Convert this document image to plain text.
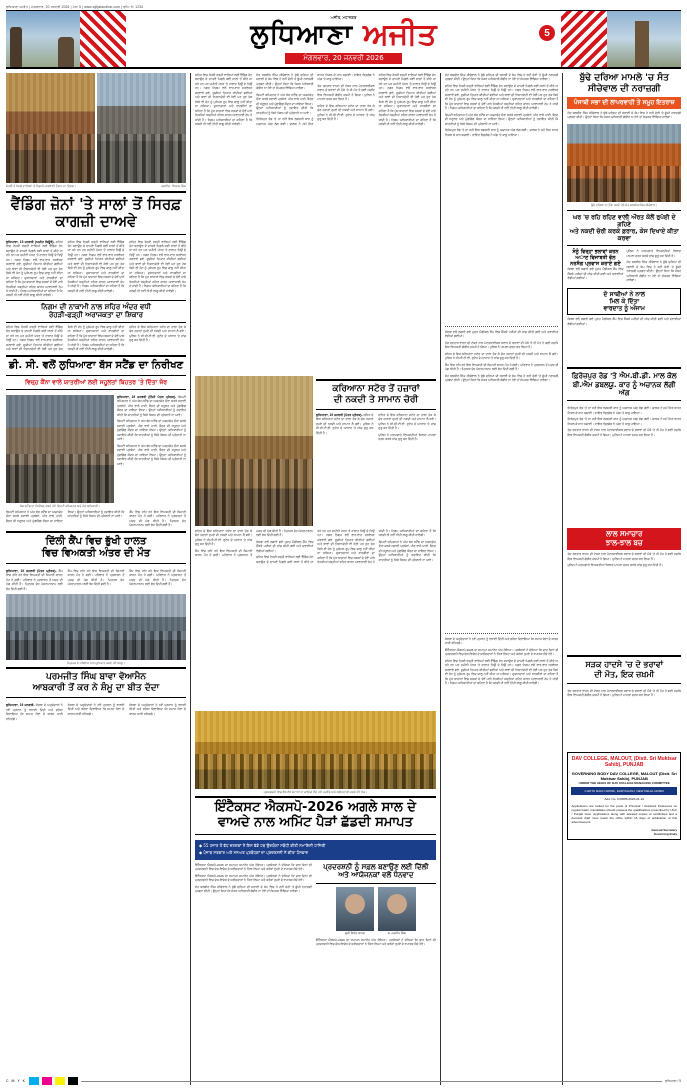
ਲੁਧਿਆਣਾ ਅਜੀਤ | ਮੰਗਲਵਾਰ, 20 ਜਨਵਰੀ 2026 | ਪੰਨਾ 5 | www.ajitjalandhar.com | ਰਜਿ: ਨੰ: 1234
ਅਜੀਤ, ਮਹਾਨਗਰ
ਲੁਧਿਆਣਾ ਅਜੀਤ
ਮੰਗਲਵਾਰ, 20 ਜਨਵਰੀ 2026
5
ਰੇਹੜੀ ਤੇ ਖੋਮਚੇ ਵਾਲਿਆਂ 'ਤੇ ਨਿਗਮੀ ਕਾਰਵਾਈ ਦੌਰਾਨ ਦਾ ਦ੍ਰਿਸ਼।	ਤਸਵੀਰ : ਵਿਕਾਸ ਸਿੰਘ
ਵੈਂਡਿੰਗ ਜ਼ੋਨਾਂ 'ਤੇ ਸਾਲਾਂ ਤੋਂ ਸਿਰਫ਼ ਕਾਗਜ਼ੀ ਦਾਅਵੇ

ਲੁਧਿਆਣਾ, 19 ਜਨਵਰੀ (ਅਜੀਤ ਬਿਊਰੋ)- ਸ਼ਹਿਰ ਵਿਚ ਰੇਹੜੀ ਫੜ੍ਹੀ ਵਾਲਿਆਂ ਲਈ ਵੈਂਡਿੰਗ ਜ਼ੋਨ ਬਣਾਉਣ ਦੇ ਦਾਅਵੇ ਪਿਛਲੇ ਕਈ ਸਾਲਾਂ ਤੋਂ ਕੀਤੇ ਜਾ ਰਹੇ ਹਨ ਪਰ ਜ਼ਮੀਨੀ ਪੱਧਰ 'ਤੇ ਹਾਲਾਤ ਜਿਉਂ ਦੇ ਤਿਉਂ ਹਨ। ਨਗਰ ਨਿਗਮ ਵਲੋਂ ਵਾਰ-ਵਾਰ ਸਰਵੇਖਣ ਕਰਵਾਏ ਗਏ, ਸੂਚੀਆਂ ਤਿਆਰ ਕੀਤੀਆਂ ਗਈਆਂ ਅਤੇ ਥਾਵਾਂ ਦੀ ਨਿਸ਼ਾਨਦੇਹੀ ਵੀ ਹੋਈ ਪਰ ਹੁਣ ਤੱਕ ਕਿਸੇ ਵੀ ਜ਼ੋਨ ਨੂੰ ਮੁਕੰਮਲ ਰੂਪ ਵਿਚ ਚਾਲੂ ਨਹੀਂ ਕੀਤਾ ਜਾ ਸਕਿਆ। ਦੁਕਾਨਦਾਰਾਂ ਅਤੇ ਰਾਹਗੀਰਾਂ ਦਾ ਕਹਿਣਾ ਹੈ ਕਿ ਮੁੱਖ ਬਾਜ਼ਾਰਾਂ ਵਿਚ ਸੜਕਾਂ ਦੇ ਦੋਵੇਂ ਪਾਸੇ ਰੇਹੜੀਆਂ ਖੜ੍ਹੀਆਂ ਰਹਿਣ ਕਾਰਨ ਆਵਾਜਾਈ ਠੱਪ ਹੋ ਜਾਂਦੀ ਹੈ। ਨਿਗਮ ਅਧਿਕਾਰੀਆਂ ਦਾ ਕਹਿਣਾ ਹੈ ਕਿ ਜਲਦੀ ਹੀ ਨਵੀਂ ਨੀਤੀ ਲਾਗੂ ਕੀਤੀ ਜਾਵੇਗੀ।

ਸ਼ਹਿਰ ਵਿਚ ਰੇਹੜੀ ਫੜ੍ਹੀ ਵਾਲਿਆਂ ਲਈ ਵੈਂਡਿੰਗ ਜ਼ੋਨ ਬਣਾਉਣ ਦੇ ਦਾਅਵੇ ਪਿਛਲੇ ਕਈ ਸਾਲਾਂ ਤੋਂ ਕੀਤੇ ਜਾ ਰਹੇ ਹਨ ਪਰ ਜ਼ਮੀਨੀ ਪੱਧਰ 'ਤੇ ਹਾਲਾਤ ਜਿਉਂ ਦੇ ਤਿਉਂ ਹਨ। ਨਗਰ ਨਿਗਮ ਵਲੋਂ ਵਾਰ-ਵਾਰ ਸਰਵੇਖਣ ਕਰਵਾਏ ਗਏ, ਸੂਚੀਆਂ ਤਿਆਰ ਕੀਤੀਆਂ ਗਈਆਂ ਅਤੇ ਥਾਵਾਂ ਦੀ ਨਿਸ਼ਾਨਦੇਹੀ ਵੀ ਹੋਈ ਪਰ ਹੁਣ ਤੱਕ ਕਿਸੇ ਵੀ ਜ਼ੋਨ ਨੂੰ ਮੁਕੰਮਲ ਰੂਪ ਵਿਚ ਚਾਲੂ ਨਹੀਂ ਕੀਤਾ ਜਾ ਸਕਿਆ। ਦੁਕਾਨਦਾਰਾਂ ਅਤੇ ਰਾਹਗੀਰਾਂ ਦਾ ਕਹਿਣਾ ਹੈ ਕਿ ਮੁੱਖ ਬਾਜ਼ਾਰਾਂ ਵਿਚ ਸੜਕਾਂ ਦੇ ਦੋਵੇਂ ਪਾਸੇ ਰੇਹੜੀਆਂ ਖੜ੍ਹੀਆਂ ਰਹਿਣ ਕਾਰਨ ਆਵਾਜਾਈ ਠੱਪ ਹੋ ਜਾਂਦੀ ਹੈ। ਨਿਗਮ ਅਧਿਕਾਰੀਆਂ ਦਾ ਕਹਿਣਾ ਹੈ ਕਿ ਜਲਦੀ ਹੀ ਨਵੀਂ ਨੀਤੀ ਲਾਗੂ ਕੀਤੀ ਜਾਵੇਗੀ।

ਸ਼ਹਿਰ ਵਿਚ ਰੇਹੜੀ ਫੜ੍ਹੀ ਵਾਲਿਆਂ ਲਈ ਵੈਂਡਿੰਗ ਜ਼ੋਨ ਬਣਾਉਣ ਦੇ ਦਾਅਵੇ ਪਿਛਲੇ ਕਈ ਸਾਲਾਂ ਤੋਂ ਕੀਤੇ ਜਾ ਰਹੇ ਹਨ ਪਰ ਜ਼ਮੀਨੀ ਪੱਧਰ 'ਤੇ ਹਾਲਾਤ ਜਿਉਂ ਦੇ ਤਿਉਂ ਹਨ। ਨਗਰ ਨਿਗਮ ਵਲੋਂ ਵਾਰ-ਵਾਰ ਸਰਵੇਖਣ ਕਰਵਾਏ ਗਏ, ਸੂਚੀਆਂ ਤਿਆਰ ਕੀਤੀਆਂ ਗਈਆਂ ਅਤੇ ਥਾਵਾਂ ਦੀ ਨਿਸ਼ਾਨਦੇਹੀ ਵੀ ਹੋਈ ਪਰ ਹੁਣ ਤੱਕ ਕਿਸੇ ਵੀ ਜ਼ੋਨ ਨੂੰ ਮੁਕੰਮਲ ਰੂਪ ਵਿਚ ਚਾਲੂ ਨਹੀਂ ਕੀਤਾ ਜਾ ਸਕਿਆ। ਦੁਕਾਨਦਾਰਾਂ ਅਤੇ ਰਾਹਗੀਰਾਂ ਦਾ ਕਹਿਣਾ ਹੈ ਕਿ ਮੁੱਖ ਬਾਜ਼ਾਰਾਂ ਵਿਚ ਸੜਕਾਂ ਦੇ ਦੋਵੇਂ ਪਾਸੇ ਰੇਹੜੀਆਂ ਖੜ੍ਹੀਆਂ ਰਹਿਣ ਕਾਰਨ ਆਵਾਜਾਈ ਠੱਪ ਹੋ ਜਾਂਦੀ ਹੈ। ਨਿਗਮ ਅਧਿਕਾਰੀਆਂ ਦਾ ਕਹਿਣਾ ਹੈ ਕਿ ਜਲਦੀ ਹੀ ਨਵੀਂ ਨੀਤੀ ਲਾਗੂ ਕੀਤੀ ਜਾਵੇਗੀ।

ਨਿਗਮ ਦੀ ਨਾਕਾਮੀ ਨਾਲ ਸ਼ਹਿਰ ਅੰਦਰ ਵਧੀ
ਰੇਹੜੀ-ਫੜ੍ਹੀ ਅਰਾਜਕਤਾ ਦਾ ਸ਼ਿਕਾਰ

ਸ਼ਹਿਰ ਵਿਚ ਰੇਹੜੀ ਫੜ੍ਹੀ ਵਾਲਿਆਂ ਲਈ ਵੈਂਡਿੰਗ ਜ਼ੋਨ ਬਣਾਉਣ ਦੇ ਦਾਅਵੇ ਪਿਛਲੇ ਕਈ ਸਾਲਾਂ ਤੋਂ ਕੀਤੇ ਜਾ ਰਹੇ ਹਨ ਪਰ ਜ਼ਮੀਨੀ ਪੱਧਰ 'ਤੇ ਹਾਲਾਤ ਜਿਉਂ ਦੇ ਤਿਉਂ ਹਨ। ਨਗਰ ਨਿਗਮ ਵਲੋਂ ਵਾਰ-ਵਾਰ ਸਰਵੇਖਣ ਕਰਵਾਏ ਗਏ, ਸੂਚੀਆਂ ਤਿਆਰ ਕੀਤੀਆਂ ਗਈਆਂ ਅਤੇ ਥਾਵਾਂ ਦੀ ਨਿਸ਼ਾਨਦੇਹੀ ਵੀ ਹੋਈ ਪਰ ਹੁਣ ਤੱਕ ਕਿਸੇ ਵੀ ਜ਼ੋਨ ਨੂੰ ਮੁਕੰਮਲ ਰੂਪ ਵਿਚ ਚਾਲੂ ਨਹੀਂ ਕੀਤਾ ਜਾ ਸਕਿਆ। ਦੁਕਾਨਦਾਰਾਂ ਅਤੇ ਰਾਹਗੀਰਾਂ ਦਾ ਕਹਿਣਾ ਹੈ ਕਿ ਮੁੱਖ ਬਾਜ਼ਾਰਾਂ ਵਿਚ ਸੜਕਾਂ ਦੇ ਦੋਵੇਂ ਪਾਸੇ ਰੇਹੜੀਆਂ ਖੜ੍ਹੀਆਂ ਰਹਿਣ ਕਾਰਨ ਆਵਾਜਾਈ ਠੱਪ ਹੋ ਜਾਂਦੀ ਹੈ। ਨਿਗਮ ਅਧਿਕਾਰੀਆਂ ਦਾ ਕਹਿਣਾ ਹੈ ਕਿ ਜਲਦੀ ਹੀ ਨਵੀਂ ਨੀਤੀ ਲਾਗੂ ਕੀਤੀ ਜਾਵੇਗੀ।

ਸ਼ਹਿਰ ਦੇ ਇਕ ਕਰਿਆਨਾ ਸਟੋਰ ਦਾ ਤਾਲਾ ਤੋੜ ਕੇ ਚੋਰ ਹਜ਼ਾਰਾਂ ਰੁਪਏ ਦੀ ਨਕਦੀ ਅਤੇ ਸਾਮਾਨ ਲੈ ਗਏ। ਪੁਲਿਸ ਨੇ ਸੀ.ਸੀ.ਟੀ.ਵੀ. ਫੁਟੇਜ ਦੇ ਆਧਾਰ 'ਤੇ ਜਾਂਚ ਸ਼ੁਰੂ ਕਰ ਦਿੱਤੀ ਹੈ।

ਡੀ. ਸੀ. ਵਲੋਂ ਲੁਧਿਆਣਾ ਬੱਸ ਸਟੈਂਡ ਦਾ ਨਿਰੀਖਣ
ਵਿਚ੍ਹ ਕੈਂਨਾ ਵਾਲੇ ਯਾਤਰੀਆਂ ਲਈ ਸਹੂਲਤਾਂ ਬਿਹਤਰ 'ਤੇ ਦਿੱਤਾ ਜ਼ੋਰ
ਬੱਸ ਸਟੈਂਡ ਦਾ ਨਿਰੀਖਣ ਕਰਦੇ ਹੋਏ ਡਿਪਟੀ ਕਮਿਸ਼ਨਰ ਅਤੇ ਹੋਰ ਅਧਿਕਾਰੀ।

ਲੁਧਿਆਣਾ, 19 ਜਨਵਰੀ (ਨਿੱਜੀ ਪੱਤਰ ਪ੍ਰੇਰਕ)- ਡਿਪਟੀ ਕਮਿਸ਼ਨਰ ਨੇ ਅੱਜ ਬੱਸ ਸਟੈਂਡ ਦਾ ਅਚਨਚੇਤ ਦੌਰਾ ਕਰਕੇ ਸਫ਼ਾਈ ਪ੍ਰਬੰਧਾਂ, ਪੀਣ ਵਾਲੇ ਪਾਣੀ, ਬੈਠਣ ਦੀ ਸਹੂਲਤ ਅਤੇ ਪੁੱਛਗਿੱਛ ਕੇਂਦਰ ਦਾ ਜਾਇਜ਼ਾ ਲਿਆ। ਉਨ੍ਹਾਂ ਅਧਿਕਾਰੀਆਂ ਨੂੰ ਹਦਾਇਤ ਕੀਤੀ ਕਿ ਯਾਤਰੀਆਂ ਨੂੰ ਕਿਸੇ ਕਿਸਮ ਦੀ ਪ੍ਰੇਸ਼ਾਨੀ ਨਾ ਆਵੇ।

ਡਿਪਟੀ ਕਮਿਸ਼ਨਰ ਨੇ ਅੱਜ ਬੱਸ ਸਟੈਂਡ ਦਾ ਅਚਨਚੇਤ ਦੌਰਾ ਕਰਕੇ ਸਫ਼ਾਈ ਪ੍ਰਬੰਧਾਂ, ਪੀਣ ਵਾਲੇ ਪਾਣੀ, ਬੈਠਣ ਦੀ ਸਹੂਲਤ ਅਤੇ ਪੁੱਛਗਿੱਛ ਕੇਂਦਰ ਦਾ ਜਾਇਜ਼ਾ ਲਿਆ। ਉਨ੍ਹਾਂ ਅਧਿਕਾਰੀਆਂ ਨੂੰ ਹਦਾਇਤ ਕੀਤੀ ਕਿ ਯਾਤਰੀਆਂ ਨੂੰ ਕਿਸੇ ਕਿਸਮ ਦੀ ਪ੍ਰੇਸ਼ਾਨੀ ਨਾ ਆਵੇ।

ਡਿਪਟੀ ਕਮਿਸ਼ਨਰ ਨੇ ਅੱਜ ਬੱਸ ਸਟੈਂਡ ਦਾ ਅਚਨਚੇਤ ਦੌਰਾ ਕਰਕੇ ਸਫ਼ਾਈ ਪ੍ਰਬੰਧਾਂ, ਪੀਣ ਵਾਲੇ ਪਾਣੀ, ਬੈਠਣ ਦੀ ਸਹੂਲਤ ਅਤੇ ਪੁੱਛਗਿੱਛ ਕੇਂਦਰ ਦਾ ਜਾਇਜ਼ਾ ਲਿਆ। ਉਨ੍ਹਾਂ ਅਧਿਕਾਰੀਆਂ ਨੂੰ ਹਦਾਇਤ ਕੀਤੀ ਕਿ ਯਾਤਰੀਆਂ ਨੂੰ ਕਿਸੇ ਕਿਸਮ ਦੀ ਪ੍ਰੇਸ਼ਾਨੀ ਨਾ ਆਵੇ।

ਡਿਪਟੀ ਕਮਿਸ਼ਨਰ ਨੇ ਅੱਜ ਬੱਸ ਸਟੈਂਡ ਦਾ ਅਚਨਚੇਤ ਦੌਰਾ ਕਰਕੇ ਸਫ਼ਾਈ ਪ੍ਰਬੰਧਾਂ, ਪੀਣ ਵਾਲੇ ਪਾਣੀ, ਬੈਠਣ ਦੀ ਸਹੂਲਤ ਅਤੇ ਪੁੱਛਗਿੱਛ ਕੇਂਦਰ ਦਾ ਜਾਇਜ਼ਾ ਲਿਆ। ਉਨ੍ਹਾਂ ਅਧਿਕਾਰੀਆਂ ਨੂੰ ਹਦਾਇਤ ਕੀਤੀ ਕਿ ਯਾਤਰੀਆਂ ਨੂੰ ਕਿਸੇ ਕਿਸਮ ਦੀ ਪ੍ਰੇਸ਼ਾਨੀ ਨਾ ਆਵੇ।

ਕੈਂਪ ਵਿਚ ਰਹਿ ਰਹੇ ਇਕ ਵਿਅਕਤੀ ਦੀ ਬਿਮਾਰੀ ਕਾਰਨ ਮੌਤ ਹੋ ਗਈ। ਪਰਿਵਾਰ ਨੇ ਪ੍ਰਸ਼ਾਸਨ ਤੋਂ ਮਦਦ ਦੀ ਮੰਗ ਕੀਤੀ ਹੈ। ਮ੍ਰਿਤਕ ਦੇਹ ਪੋਸਟਮਾਰਟਮ ਲਈ ਭੇਜ ਦਿੱਤੀ ਗਈ ਹੈ।

ਦਿੱਲੀ ਕੈਂਪ ਵਿਚ ਭੁੱਖੀ ਹਾਲਤ
ਵਿਚ ਵਿਅਕਤੀ ਅੰਤਰ ਦੀ ਮੌਤ

ਲੁਧਿਆਣਾ, 19 ਜਨਵਰੀ (ਪੱਤਰ ਪ੍ਰੇਰਕ)- ਕੈਂਪ ਵਿਚ ਰਹਿ ਰਹੇ ਇਕ ਵਿਅਕਤੀ ਦੀ ਬਿਮਾਰੀ ਕਾਰਨ ਮੌਤ ਹੋ ਗਈ। ਪਰਿਵਾਰ ਨੇ ਪ੍ਰਸ਼ਾਸਨ ਤੋਂ ਮਦਦ ਦੀ ਮੰਗ ਕੀਤੀ ਹੈ। ਮ੍ਰਿਤਕ ਦੇਹ ਪੋਸਟਮਾਰਟਮ ਲਈ ਭੇਜ ਦਿੱਤੀ ਗਈ ਹੈ।

ਕੈਂਪ ਵਿਚ ਰਹਿ ਰਹੇ ਇਕ ਵਿਅਕਤੀ ਦੀ ਬਿਮਾਰੀ ਕਾਰਨ ਮੌਤ ਹੋ ਗਈ। ਪਰਿਵਾਰ ਨੇ ਪ੍ਰਸ਼ਾਸਨ ਤੋਂ ਮਦਦ ਦੀ ਮੰਗ ਕੀਤੀ ਹੈ। ਮ੍ਰਿਤਕ ਦੇਹ ਪੋਸਟਮਾਰਟਮ ਲਈ ਭੇਜ ਦਿੱਤੀ ਗਈ ਹੈ।

ਕੈਂਪ ਵਿਚ ਰਹਿ ਰਹੇ ਇਕ ਵਿਅਕਤੀ ਦੀ ਬਿਮਾਰੀ ਕਾਰਨ ਮੌਤ ਹੋ ਗਈ। ਪਰਿਵਾਰ ਨੇ ਪ੍ਰਸ਼ਾਸਨ ਤੋਂ ਮਦਦ ਦੀ ਮੰਗ ਕੀਤੀ ਹੈ। ਮ੍ਰਿਤਕ ਦੇਹ ਪੋਸਟਮਾਰਟਮ ਲਈ ਭੇਜ ਦਿੱਤੀ ਗਈ ਹੈ।

ਮ੍ਰਿਤਕ ਦੇ ਪਰਿਵਾਰ ਨਾਲ ਮੁਲਾਕਾਤ ਕਰਦੇ ਹੋਏ ਆਗੂ।
ਪਰਮਜੀਤ ਸਿੰਘ ਬਾਵਾ ਵੋਆਮੈਨ
ਆਬਕਾਰੀ ਤੋਂ ਕਰ ਨੇ ਸ਼ੰਮੂ ਦਾ ਬੀਤ ਦੱਦਾ

ਲੁਧਿਆਣਾ, 19 ਜਨਵਰੀ- ਸੰਸਥਾ ਦੇ ਅਹੁਦੇਦਾਰਾਂ ਨੇ ਨਵੇਂ ਪ੍ਰਧਾਨ ਨੂੰ ਵਧਾਈ ਦਿੱਤੀ ਅਤੇ ਭਰੋਸਾ ਦਿਵਾਇਆ ਕਿ ਸਮਾਜ ਸੇਵਾ ਦੇ ਕਾਰਜ ਜਾਰੀ ਰਹਿਣਗੇ।

ਸੰਸਥਾ ਦੇ ਅਹੁਦੇਦਾਰਾਂ ਨੇ ਨਵੇਂ ਪ੍ਰਧਾਨ ਨੂੰ ਵਧਾਈ ਦਿੱਤੀ ਅਤੇ ਭਰੋਸਾ ਦਿਵਾਇਆ ਕਿ ਸਮਾਜ ਸੇਵਾ ਦੇ ਕਾਰਜ ਜਾਰੀ ਰਹਿਣਗੇ।

ਸੰਸਥਾ ਦੇ ਅਹੁਦੇਦਾਰਾਂ ਨੇ ਨਵੇਂ ਪ੍ਰਧਾਨ ਨੂੰ ਵਧਾਈ ਦਿੱਤੀ ਅਤੇ ਭਰੋਸਾ ਦਿਵਾਇਆ ਕਿ ਸਮਾਜ ਸੇਵਾ ਦੇ ਕਾਰਜ ਜਾਰੀ ਰਹਿਣਗੇ।

ਸ਼ਹਿਰ ਵਿਚ ਰੇਹੜੀ ਫੜ੍ਹੀ ਵਾਲਿਆਂ ਲਈ ਵੈਂਡਿੰਗ ਜ਼ੋਨ ਬਣਾਉਣ ਦੇ ਦਾਅਵੇ ਪਿਛਲੇ ਕਈ ਸਾਲਾਂ ਤੋਂ ਕੀਤੇ ਜਾ ਰਹੇ ਹਨ ਪਰ ਜ਼ਮੀਨੀ ਪੱਧਰ 'ਤੇ ਹਾਲਾਤ ਜਿਉਂ ਦੇ ਤਿਉਂ ਹਨ। ਨਗਰ ਨਿਗਮ ਵਲੋਂ ਵਾਰ-ਵਾਰ ਸਰਵੇਖਣ ਕਰਵਾਏ ਗਏ, ਸੂਚੀਆਂ ਤਿਆਰ ਕੀਤੀਆਂ ਗਈਆਂ ਅਤੇ ਥਾਵਾਂ ਦੀ ਨਿਸ਼ਾਨਦੇਹੀ ਵੀ ਹੋਈ ਪਰ ਹੁਣ ਤੱਕ ਕਿਸੇ ਵੀ ਜ਼ੋਨ ਨੂੰ ਮੁਕੰਮਲ ਰੂਪ ਵਿਚ ਚਾਲੂ ਨਹੀਂ ਕੀਤਾ ਜਾ ਸਕਿਆ। ਦੁਕਾਨਦਾਰਾਂ ਅਤੇ ਰਾਹਗੀਰਾਂ ਦਾ ਕਹਿਣਾ ਹੈ ਕਿ ਮੁੱਖ ਬਾਜ਼ਾਰਾਂ ਵਿਚ ਸੜਕਾਂ ਦੇ ਦੋਵੇਂ ਪਾਸੇ ਰੇਹੜੀਆਂ ਖੜ੍ਹੀਆਂ ਰਹਿਣ ਕਾਰਨ ਆਵਾਜਾਈ ਠੱਪ ਹੋ ਜਾਂਦੀ ਹੈ। ਨਿਗਮ ਅਧਿਕਾਰੀਆਂ ਦਾ ਕਹਿਣਾ ਹੈ ਕਿ ਜਲਦੀ ਹੀ ਨਵੀਂ ਨੀਤੀ ਲਾਗੂ ਕੀਤੀ ਜਾਵੇਗੀ।

ਸੰਤ ਬਲਬੀਰ ਸਿੰਘ ਸੀਚੇਵਾਲ ਨੇ ਬੁੱਢੇ ਦਰਿਆ ਦੀ ਸਫ਼ਾਈ ਦੇ ਕੰਮ ਵਿਚ ਹੋ ਰਹੀ ਦੇਰੀ 'ਤੇ ਡੂੰਘੀ ਨਰਾਜ਼ਗੀ ਪ੍ਰਗਟ ਕੀਤੀ। ਉਨ੍ਹਾਂ ਕਿਹਾ ਕਿ ਜੇਕਰ ਅਧਿਕਾਰੀ ਗੰਭੀਰ ਨਾ ਹੋਏ ਤਾਂ ਸੰਘਰਸ਼ ਵਿੱਢਿਆ ਜਾਵੇਗਾ।

ਡਿਪਟੀ ਕਮਿਸ਼ਨਰ ਨੇ ਅੱਜ ਬੱਸ ਸਟੈਂਡ ਦਾ ਅਚਨਚੇਤ ਦੌਰਾ ਕਰਕੇ ਸਫ਼ਾਈ ਪ੍ਰਬੰਧਾਂ, ਪੀਣ ਵਾਲੇ ਪਾਣੀ, ਬੈਠਣ ਦੀ ਸਹੂਲਤ ਅਤੇ ਪੁੱਛਗਿੱਛ ਕੇਂਦਰ ਦਾ ਜਾਇਜ਼ਾ ਲਿਆ। ਉਨ੍ਹਾਂ ਅਧਿਕਾਰੀਆਂ ਨੂੰ ਹਦਾਇਤ ਕੀਤੀ ਕਿ ਯਾਤਰੀਆਂ ਨੂੰ ਕਿਸੇ ਕਿਸਮ ਦੀ ਪ੍ਰੇਸ਼ਾਨੀ ਨਾ ਆਵੇ।

ਫ਼ਿਰੋਜ਼ਪੁਰ ਰੋਡ 'ਤੇ ਜਾ ਰਹੀ ਇਕ ਲਗਜ਼ਰੀ ਕਾਰ ਨੂੰ ਅਚਾਨਕ ਅੱਗ ਲੱਗ ਗਈ। ਚਾਲਕ ਨੇ ਸਮੇਂ ਸਿਰ ਬਾਹਰ ਨਿਕਲ ਕੇ ਜਾਨ ਬਚਾਈ। ਫ਼ਾਇਰ ਬ੍ਰਿਗੇਡ ਨੇ ਅੱਗ 'ਤੇ ਕਾਬੂ ਪਾਇਆ।

ਤੇਜ਼ ਰਫ਼ਤਾਰ ਵਾਹਨ ਦੀ ਟੱਕਰ ਨਾਲ ਮੋਟਰਸਾਈਕਲ ਸਵਾਰ ਦੋ ਭਰਾਵਾਂ ਦੀ ਮੌਕੇ 'ਤੇ ਹੀ ਮੌਤ ਹੋ ਗਈ ਜਦਕਿ ਇਕ ਵਿਅਕਤੀ ਗੰਭੀਰ ਜ਼ਖ਼ਮੀ ਹੋ ਗਿਆ। ਪੁਲਿਸ ਨੇ ਮਾਮਲਾ ਦਰਜ ਕਰ ਲਿਆ ਹੈ।

ਸ਼ਹਿਰ ਦੇ ਇਕ ਕਰਿਆਨਾ ਸਟੋਰ ਦਾ ਤਾਲਾ ਤੋੜ ਕੇ ਚੋਰ ਹਜ਼ਾਰਾਂ ਰੁਪਏ ਦੀ ਨਕਦੀ ਅਤੇ ਸਾਮਾਨ ਲੈ ਗਏ। ਪੁਲਿਸ ਨੇ ਸੀ.ਸੀ.ਟੀ.ਵੀ. ਫੁਟੇਜ ਦੇ ਆਧਾਰ 'ਤੇ ਜਾਂਚ ਸ਼ੁਰੂ ਕਰ ਦਿੱਤੀ ਹੈ।

ਸ਼ਹਿਰ ਵਿਚ ਰੇਹੜੀ ਫੜ੍ਹੀ ਵਾਲਿਆਂ ਲਈ ਵੈਂਡਿੰਗ ਜ਼ੋਨ ਬਣਾਉਣ ਦੇ ਦਾਅਵੇ ਪਿਛਲੇ ਕਈ ਸਾਲਾਂ ਤੋਂ ਕੀਤੇ ਜਾ ਰਹੇ ਹਨ ਪਰ ਜ਼ਮੀਨੀ ਪੱਧਰ 'ਤੇ ਹਾਲਾਤ ਜਿਉਂ ਦੇ ਤਿਉਂ ਹਨ। ਨਗਰ ਨਿਗਮ ਵਲੋਂ ਵਾਰ-ਵਾਰ ਸਰਵੇਖਣ ਕਰਵਾਏ ਗਏ, ਸੂਚੀਆਂ ਤਿਆਰ ਕੀਤੀਆਂ ਗਈਆਂ ਅਤੇ ਥਾਵਾਂ ਦੀ ਨਿਸ਼ਾਨਦੇਹੀ ਵੀ ਹੋਈ ਪਰ ਹੁਣ ਤੱਕ ਕਿਸੇ ਵੀ ਜ਼ੋਨ ਨੂੰ ਮੁਕੰਮਲ ਰੂਪ ਵਿਚ ਚਾਲੂ ਨਹੀਂ ਕੀਤਾ ਜਾ ਸਕਿਆ। ਦੁਕਾਨਦਾਰਾਂ ਅਤੇ ਰਾਹਗੀਰਾਂ ਦਾ ਕਹਿਣਾ ਹੈ ਕਿ ਮੁੱਖ ਬਾਜ਼ਾਰਾਂ ਵਿਚ ਸੜਕਾਂ ਦੇ ਦੋਵੇਂ ਪਾਸੇ ਰੇਹੜੀਆਂ ਖੜ੍ਹੀਆਂ ਰਹਿਣ ਕਾਰਨ ਆਵਾਜਾਈ ਠੱਪ ਹੋ ਜਾਂਦੀ ਹੈ। ਨਿਗਮ ਅਧਿਕਾਰੀਆਂ ਦਾ ਕਹਿਣਾ ਹੈ ਕਿ ਜਲਦੀ ਹੀ ਨਵੀਂ ਨੀਤੀ ਲਾਗੂ ਕੀਤੀ ਜਾਵੇਗੀ।

ਕਰਿਆਨਾ ਸਟੋਰ ਤੋਂ ਹਜ਼ਾਰਾਂ
ਦੀ ਨਕਦੀ ਤੇ ਸਾਮਾਨ ਚੋਰੀ

ਲੁਧਿਆਣਾ, 19 ਜਨਵਰੀ (ਪੱਤਰ ਪ੍ਰੇਰਕ)- ਸ਼ਹਿਰ ਦੇ ਇਕ ਕਰਿਆਨਾ ਸਟੋਰ ਦਾ ਤਾਲਾ ਤੋੜ ਕੇ ਚੋਰ ਹਜ਼ਾਰਾਂ ਰੁਪਏ ਦੀ ਨਕਦੀ ਅਤੇ ਸਾਮਾਨ ਲੈ ਗਏ। ਪੁਲਿਸ ਨੇ ਸੀ.ਸੀ.ਟੀ.ਵੀ. ਫੁਟੇਜ ਦੇ ਆਧਾਰ 'ਤੇ ਜਾਂਚ ਸ਼ੁਰੂ ਕਰ ਦਿੱਤੀ ਹੈ।

ਸ਼ਹਿਰ ਦੇ ਇਕ ਕਰਿਆਨਾ ਸਟੋਰ ਦਾ ਤਾਲਾ ਤੋੜ ਕੇ ਚੋਰ ਹਜ਼ਾਰਾਂ ਰੁਪਏ ਦੀ ਨਕਦੀ ਅਤੇ ਸਾਮਾਨ ਲੈ ਗਏ। ਪੁਲਿਸ ਨੇ ਸੀ.ਸੀ.ਟੀ.ਵੀ. ਫੁਟੇਜ ਦੇ ਆਧਾਰ 'ਤੇ ਜਾਂਚ ਸ਼ੁਰੂ ਕਰ ਦਿੱਤੀ ਹੈ।

ਪੁਲਿਸ ਨੇ ਅਣਪਛਾਤੇ ਵਿਅਕਤੀਆਂ ਖ਼ਿਲਾਫ਼ ਮਾਮਲਾ ਦਰਜ ਕਰਕੇ ਜਾਂਚ ਸ਼ੁਰੂ ਕਰ ਦਿੱਤੀ ਹੈ।

ਸ਼ਹਿਰ ਦੇ ਇਕ ਕਰਿਆਨਾ ਸਟੋਰ ਦਾ ਤਾਲਾ ਤੋੜ ਕੇ ਚੋਰ ਹਜ਼ਾਰਾਂ ਰੁਪਏ ਦੀ ਨਕਦੀ ਅਤੇ ਸਾਮਾਨ ਲੈ ਗਏ। ਪੁਲਿਸ ਨੇ ਸੀ.ਸੀ.ਟੀ.ਵੀ. ਫੁਟੇਜ ਦੇ ਆਧਾਰ 'ਤੇ ਜਾਂਚ ਸ਼ੁਰੂ ਕਰ ਦਿੱਤੀ ਹੈ।

ਕੈਂਪ ਵਿਚ ਰਹਿ ਰਹੇ ਇਕ ਵਿਅਕਤੀ ਦੀ ਬਿਮਾਰੀ ਕਾਰਨ ਮੌਤ ਹੋ ਗਈ। ਪਰਿਵਾਰ ਨੇ ਪ੍ਰਸ਼ਾਸਨ ਤੋਂ ਮਦਦ ਦੀ ਮੰਗ ਕੀਤੀ ਹੈ। ਮ੍ਰਿਤਕ ਦੇਹ ਪੋਸਟਮਾਰਟਮ ਲਈ ਭੇਜ ਦਿੱਤੀ ਗਈ ਹੈ।

ਸੰਸਥਾ ਵਲੋਂ ਲਗਾਏ ਗਏ ਮੁਫ਼ਤ ਮੈਡੀਕਲ ਕੈਂਪ ਵਿਚ ਸੈਂਕੜੇ ਮਰੀਜ਼ਾਂ ਦੀ ਜਾਂਚ ਕੀਤੀ ਗਈ ਅਤੇ ਦਵਾਈਆਂ ਵੰਡੀਆਂ ਗਈਆਂ।

ਸ਼ਹਿਰ ਵਿਚ ਰੇਹੜੀ ਫੜ੍ਹੀ ਵਾਲਿਆਂ ਲਈ ਵੈਂਡਿੰਗ ਜ਼ੋਨ ਬਣਾਉਣ ਦੇ ਦਾਅਵੇ ਪਿਛਲੇ ਕਈ ਸਾਲਾਂ ਤੋਂ ਕੀਤੇ ਜਾ ਰਹੇ ਹਨ ਪਰ ਜ਼ਮੀਨੀ ਪੱਧਰ 'ਤੇ ਹਾਲਾਤ ਜਿਉਂ ਦੇ ਤਿਉਂ ਹਨ। ਨਗਰ ਨਿਗਮ ਵਲੋਂ ਵਾਰ-ਵਾਰ ਸਰਵੇਖਣ ਕਰਵਾਏ ਗਏ, ਸੂਚੀਆਂ ਤਿਆਰ ਕੀਤੀਆਂ ਗਈਆਂ ਅਤੇ ਥਾਵਾਂ ਦੀ ਨਿਸ਼ਾਨਦੇਹੀ ਵੀ ਹੋਈ ਪਰ ਹੁਣ ਤੱਕ ਕਿਸੇ ਵੀ ਜ਼ੋਨ ਨੂੰ ਮੁਕੰਮਲ ਰੂਪ ਵਿਚ ਚਾਲੂ ਨਹੀਂ ਕੀਤਾ ਜਾ ਸਕਿਆ। ਦੁਕਾਨਦਾਰਾਂ ਅਤੇ ਰਾਹਗੀਰਾਂ ਦਾ ਕਹਿਣਾ ਹੈ ਕਿ ਮੁੱਖ ਬਾਜ਼ਾਰਾਂ ਵਿਚ ਸੜਕਾਂ ਦੇ ਦੋਵੇਂ ਪਾਸੇ ਰੇਹੜੀਆਂ ਖੜ੍ਹੀਆਂ ਰਹਿਣ ਕਾਰਨ ਆਵਾਜਾਈ ਠੱਪ ਹੋ ਜਾਂਦੀ ਹੈ। ਨਿਗਮ ਅਧਿਕਾਰੀਆਂ ਦਾ ਕਹਿਣਾ ਹੈ ਕਿ ਜਲਦੀ ਹੀ ਨਵੀਂ ਨੀਤੀ ਲਾਗੂ ਕੀਤੀ ਜਾਵੇਗੀ।

ਡਿਪਟੀ ਕਮਿਸ਼ਨਰ ਨੇ ਅੱਜ ਬੱਸ ਸਟੈਂਡ ਦਾ ਅਚਨਚੇਤ ਦੌਰਾ ਕਰਕੇ ਸਫ਼ਾਈ ਪ੍ਰਬੰਧਾਂ, ਪੀਣ ਵਾਲੇ ਪਾਣੀ, ਬੈਠਣ ਦੀ ਸਹੂਲਤ ਅਤੇ ਪੁੱਛਗਿੱਛ ਕੇਂਦਰ ਦਾ ਜਾਇਜ਼ਾ ਲਿਆ। ਉਨ੍ਹਾਂ ਅਧਿਕਾਰੀਆਂ ਨੂੰ ਹਦਾਇਤ ਕੀਤੀ ਕਿ ਯਾਤਰੀਆਂ ਨੂੰ ਕਿਸੇ ਕਿਸਮ ਦੀ ਪ੍ਰੇਸ਼ਾਨੀ ਨਾ ਆਵੇ।

ਪ੍ਰਦਰਸ਼ਨੀ ਵਿਚ ਵੱਖ-ਵੱਖ ਸਟਾਲਾਂ ਦਾ ਜਾਇਜ਼ਾ ਲੈਂਦੇ ਹੋਏ ਪਤਵੰਤੇ ਅਤੇ ਖ਼ਰੀਦਦਾਰੀ ਕਰਦੇ ਹੋਏ ਲੋਕ।
ਇੰਟੈਕਸਟ ਐਕਸਪੋ-2026 ਅਗਲੇ ਸਾਲ ਦੇ
ਵਾਅਦੇ ਨਾਲ ਅਮਿੱਟ ਪੈੜਾਂ ਛੱਡਦੀ ਸਮਾਪਤ
◆ 55 ਹਜ਼ਾਰ ਤੋਂ ਵੱਧ ਦਰਸ਼ਕਾਂ ਨੇ ਇਸ ਵੱਡੇ ਹਥ ਉਦਯੋਗਾਂ ਸਬੰਧੀ ਕੀਤੀ ਨਮਾਇਸ਼ੀ ਹਾਜ਼ਿਰੀ
◆ ਪੰਜਾਬ ਸਰਕਾਰ ਅਤੇ ਸਨਅਤ ਪ੍ਰਬੰਧਕਾਂ ਦਾ ਪ੍ਰਦਰਸ਼ਨੀ ਨੇ ਕੀਤਾ ਧੰਨਵਾਦ

ਇੰਟੈਕਸਟ ਐਕਸਪੋ-2026 ਦਾ ਸਮਾਪਨ ਸਮਾਰੋਹ ਅੱਜ ਹੋਇਆ। ਪ੍ਰਬੰਧਕਾਂ ਨੇ ਦੱਸਿਆ ਕਿ ਚਾਰ ਦਿਨਾਂ ਦੀ ਪ੍ਰਦਰਸ਼ਨੀ ਵਿਚ ਦੇਸ਼-ਵਿਦੇਸ਼ ਦੇ ਖ਼ਰੀਦਦਾਰਾਂ ਨੇ ਹਿੱਸਾ ਲਿਆ ਅਤੇ ਕਰੋੜਾਂ ਰੁਪਏ ਦੇ ਵਪਾਰਕ ਸੌਦੇ ਹੋਏ।

ਇੰਟੈਕਸਟ ਐਕਸਪੋ-2026 ਦਾ ਸਮਾਪਨ ਸਮਾਰੋਹ ਅੱਜ ਹੋਇਆ। ਪ੍ਰਬੰਧਕਾਂ ਨੇ ਦੱਸਿਆ ਕਿ ਚਾਰ ਦਿਨਾਂ ਦੀ ਪ੍ਰਦਰਸ਼ਨੀ ਵਿਚ ਦੇਸ਼-ਵਿਦੇਸ਼ ਦੇ ਖ਼ਰੀਦਦਾਰਾਂ ਨੇ ਹਿੱਸਾ ਲਿਆ ਅਤੇ ਕਰੋੜਾਂ ਰੁਪਏ ਦੇ ਵਪਾਰਕ ਸੌਦੇ ਹੋਏ।

ਸੰਤ ਬਲਬੀਰ ਸਿੰਘ ਸੀਚੇਵਾਲ ਨੇ ਬੁੱਢੇ ਦਰਿਆ ਦੀ ਸਫ਼ਾਈ ਦੇ ਕੰਮ ਵਿਚ ਹੋ ਰਹੀ ਦੇਰੀ 'ਤੇ ਡੂੰਘੀ ਨਰਾਜ਼ਗੀ ਪ੍ਰਗਟ ਕੀਤੀ। ਉਨ੍ਹਾਂ ਕਿਹਾ ਕਿ ਜੇਕਰ ਅਧਿਕਾਰੀ ਗੰਭੀਰ ਨਾ ਹੋਏ ਤਾਂ ਸੰਘਰਸ਼ ਵਿੱਢਿਆ ਜਾਵੇਗਾ।

ਪ੍ਰਦਰਸ਼ਨੀ ਨੂੰ ਸਫ਼ਲ ਬਣਾਉਣ ਲਈ ਦਿੱਲੀ
ਅਤੇ ਆਯੋਜਨਕਾਂ ਵਲੋਂ ਧੰਨਵਾਦ
ਸ਼੍ਰੀ ਵਿਨੋਦ ਥਾਪਰ	ਸ. ਹਰਦੀਪ ਸਿੰਘ

ਇੰਟੈਕਸਟ ਐਕਸਪੋ-2026 ਦਾ ਸਮਾਪਨ ਸਮਾਰੋਹ ਅੱਜ ਹੋਇਆ। ਪ੍ਰਬੰਧਕਾਂ ਨੇ ਦੱਸਿਆ ਕਿ ਚਾਰ ਦਿਨਾਂ ਦੀ ਪ੍ਰਦਰਸ਼ਨੀ ਵਿਚ ਦੇਸ਼-ਵਿਦੇਸ਼ ਦੇ ਖ਼ਰੀਦਦਾਰਾਂ ਨੇ ਹਿੱਸਾ ਲਿਆ ਅਤੇ ਕਰੋੜਾਂ ਰੁਪਏ ਦੇ ਵਪਾਰਕ ਸੌਦੇ ਹੋਏ।

ਸੰਤ ਬਲਬੀਰ ਸਿੰਘ ਸੀਚੇਵਾਲ ਨੇ ਬੁੱਢੇ ਦਰਿਆ ਦੀ ਸਫ਼ਾਈ ਦੇ ਕੰਮ ਵਿਚ ਹੋ ਰਹੀ ਦੇਰੀ 'ਤੇ ਡੂੰਘੀ ਨਰਾਜ਼ਗੀ ਪ੍ਰਗਟ ਕੀਤੀ। ਉਨ੍ਹਾਂ ਕਿਹਾ ਕਿ ਜੇਕਰ ਅਧਿਕਾਰੀ ਗੰਭੀਰ ਨਾ ਹੋਏ ਤਾਂ ਸੰਘਰਸ਼ ਵਿੱਢਿਆ ਜਾਵੇਗਾ।

ਸ਼ਹਿਰ ਵਿਚ ਰੇਹੜੀ ਫੜ੍ਹੀ ਵਾਲਿਆਂ ਲਈ ਵੈਂਡਿੰਗ ਜ਼ੋਨ ਬਣਾਉਣ ਦੇ ਦਾਅਵੇ ਪਿਛਲੇ ਕਈ ਸਾਲਾਂ ਤੋਂ ਕੀਤੇ ਜਾ ਰਹੇ ਹਨ ਪਰ ਜ਼ਮੀਨੀ ਪੱਧਰ 'ਤੇ ਹਾਲਾਤ ਜਿਉਂ ਦੇ ਤਿਉਂ ਹਨ। ਨਗਰ ਨਿਗਮ ਵਲੋਂ ਵਾਰ-ਵਾਰ ਸਰਵੇਖਣ ਕਰਵਾਏ ਗਏ, ਸੂਚੀਆਂ ਤਿਆਰ ਕੀਤੀਆਂ ਗਈਆਂ ਅਤੇ ਥਾਵਾਂ ਦੀ ਨਿਸ਼ਾਨਦੇਹੀ ਵੀ ਹੋਈ ਪਰ ਹੁਣ ਤੱਕ ਕਿਸੇ ਵੀ ਜ਼ੋਨ ਨੂੰ ਮੁਕੰਮਲ ਰੂਪ ਵਿਚ ਚਾਲੂ ਨਹੀਂ ਕੀਤਾ ਜਾ ਸਕਿਆ। ਦੁਕਾਨਦਾਰਾਂ ਅਤੇ ਰਾਹਗੀਰਾਂ ਦਾ ਕਹਿਣਾ ਹੈ ਕਿ ਮੁੱਖ ਬਾਜ਼ਾਰਾਂ ਵਿਚ ਸੜਕਾਂ ਦੇ ਦੋਵੇਂ ਪਾਸੇ ਰੇਹੜੀਆਂ ਖੜ੍ਹੀਆਂ ਰਹਿਣ ਕਾਰਨ ਆਵਾਜਾਈ ਠੱਪ ਹੋ ਜਾਂਦੀ ਹੈ। ਨਿਗਮ ਅਧਿਕਾਰੀਆਂ ਦਾ ਕਹਿਣਾ ਹੈ ਕਿ ਜਲਦੀ ਹੀ ਨਵੀਂ ਨੀਤੀ ਲਾਗੂ ਕੀਤੀ ਜਾਵੇਗੀ।

ਡਿਪਟੀ ਕਮਿਸ਼ਨਰ ਨੇ ਅੱਜ ਬੱਸ ਸਟੈਂਡ ਦਾ ਅਚਨਚੇਤ ਦੌਰਾ ਕਰਕੇ ਸਫ਼ਾਈ ਪ੍ਰਬੰਧਾਂ, ਪੀਣ ਵਾਲੇ ਪਾਣੀ, ਬੈਠਣ ਦੀ ਸਹੂਲਤ ਅਤੇ ਪੁੱਛਗਿੱਛ ਕੇਂਦਰ ਦਾ ਜਾਇਜ਼ਾ ਲਿਆ। ਉਨ੍ਹਾਂ ਅਧਿਕਾਰੀਆਂ ਨੂੰ ਹਦਾਇਤ ਕੀਤੀ ਕਿ ਯਾਤਰੀਆਂ ਨੂੰ ਕਿਸੇ ਕਿਸਮ ਦੀ ਪ੍ਰੇਸ਼ਾਨੀ ਨਾ ਆਵੇ।

ਫ਼ਿਰੋਜ਼ਪੁਰ ਰੋਡ 'ਤੇ ਜਾ ਰਹੀ ਇਕ ਲਗਜ਼ਰੀ ਕਾਰ ਨੂੰ ਅਚਾਨਕ ਅੱਗ ਲੱਗ ਗਈ। ਚਾਲਕ ਨੇ ਸਮੇਂ ਸਿਰ ਬਾਹਰ ਨਿਕਲ ਕੇ ਜਾਨ ਬਚਾਈ। ਫ਼ਾਇਰ ਬ੍ਰਿਗੇਡ ਨੇ ਅੱਗ 'ਤੇ ਕਾਬੂ ਪਾਇਆ।

ਸੰਸਥਾ ਵਲੋਂ ਲਗਾਏ ਗਏ ਮੁਫ਼ਤ ਮੈਡੀਕਲ ਕੈਂਪ ਵਿਚ ਸੈਂਕੜੇ ਮਰੀਜ਼ਾਂ ਦੀ ਜਾਂਚ ਕੀਤੀ ਗਈ ਅਤੇ ਦਵਾਈਆਂ ਵੰਡੀਆਂ ਗਈਆਂ।

ਤੇਜ਼ ਰਫ਼ਤਾਰ ਵਾਹਨ ਦੀ ਟੱਕਰ ਨਾਲ ਮੋਟਰਸਾਈਕਲ ਸਵਾਰ ਦੋ ਭਰਾਵਾਂ ਦੀ ਮੌਕੇ 'ਤੇ ਹੀ ਮੌਤ ਹੋ ਗਈ ਜਦਕਿ ਇਕ ਵਿਅਕਤੀ ਗੰਭੀਰ ਜ਼ਖ਼ਮੀ ਹੋ ਗਿਆ। ਪੁਲਿਸ ਨੇ ਮਾਮਲਾ ਦਰਜ ਕਰ ਲਿਆ ਹੈ।

ਸ਼ਹਿਰ ਦੇ ਇਕ ਕਰਿਆਨਾ ਸਟੋਰ ਦਾ ਤਾਲਾ ਤੋੜ ਕੇ ਚੋਰ ਹਜ਼ਾਰਾਂ ਰੁਪਏ ਦੀ ਨਕਦੀ ਅਤੇ ਸਾਮਾਨ ਲੈ ਗਏ। ਪੁਲਿਸ ਨੇ ਸੀ.ਸੀ.ਟੀ.ਵੀ. ਫੁਟੇਜ ਦੇ ਆਧਾਰ 'ਤੇ ਜਾਂਚ ਸ਼ੁਰੂ ਕਰ ਦਿੱਤੀ ਹੈ।

ਕੈਂਪ ਵਿਚ ਰਹਿ ਰਹੇ ਇਕ ਵਿਅਕਤੀ ਦੀ ਬਿਮਾਰੀ ਕਾਰਨ ਮੌਤ ਹੋ ਗਈ। ਪਰਿਵਾਰ ਨੇ ਪ੍ਰਸ਼ਾਸਨ ਤੋਂ ਮਦਦ ਦੀ ਮੰਗ ਕੀਤੀ ਹੈ। ਮ੍ਰਿਤਕ ਦੇਹ ਪੋਸਟਮਾਰਟਮ ਲਈ ਭੇਜ ਦਿੱਤੀ ਗਈ ਹੈ।

ਸੰਤ ਬਲਬੀਰ ਸਿੰਘ ਸੀਚੇਵਾਲ ਨੇ ਬੁੱਢੇ ਦਰਿਆ ਦੀ ਸਫ਼ਾਈ ਦੇ ਕੰਮ ਵਿਚ ਹੋ ਰਹੀ ਦੇਰੀ 'ਤੇ ਡੂੰਘੀ ਨਰਾਜ਼ਗੀ ਪ੍ਰਗਟ ਕੀਤੀ। ਉਨ੍ਹਾਂ ਕਿਹਾ ਕਿ ਜੇਕਰ ਅਧਿਕਾਰੀ ਗੰਭੀਰ ਨਾ ਹੋਏ ਤਾਂ ਸੰਘਰਸ਼ ਵਿੱਢਿਆ ਜਾਵੇਗਾ।

ਸੰਸਥਾ ਦੇ ਅਹੁਦੇਦਾਰਾਂ ਨੇ ਨਵੇਂ ਪ੍ਰਧਾਨ ਨੂੰ ਵਧਾਈ ਦਿੱਤੀ ਅਤੇ ਭਰੋਸਾ ਦਿਵਾਇਆ ਕਿ ਸਮਾਜ ਸੇਵਾ ਦੇ ਕਾਰਜ ਜਾਰੀ ਰਹਿਣਗੇ।

ਇੰਟੈਕਸਟ ਐਕਸਪੋ-2026 ਦਾ ਸਮਾਪਨ ਸਮਾਰੋਹ ਅੱਜ ਹੋਇਆ। ਪ੍ਰਬੰਧਕਾਂ ਨੇ ਦੱਸਿਆ ਕਿ ਚਾਰ ਦਿਨਾਂ ਦੀ ਪ੍ਰਦਰਸ਼ਨੀ ਵਿਚ ਦੇਸ਼-ਵਿਦੇਸ਼ ਦੇ ਖ਼ਰੀਦਦਾਰਾਂ ਨੇ ਹਿੱਸਾ ਲਿਆ ਅਤੇ ਕਰੋੜਾਂ ਰੁਪਏ ਦੇ ਵਪਾਰਕ ਸੌਦੇ ਹੋਏ।

ਸ਼ਹਿਰ ਵਿਚ ਰੇਹੜੀ ਫੜ੍ਹੀ ਵਾਲਿਆਂ ਲਈ ਵੈਂਡਿੰਗ ਜ਼ੋਨ ਬਣਾਉਣ ਦੇ ਦਾਅਵੇ ਪਿਛਲੇ ਕਈ ਸਾਲਾਂ ਤੋਂ ਕੀਤੇ ਜਾ ਰਹੇ ਹਨ ਪਰ ਜ਼ਮੀਨੀ ਪੱਧਰ 'ਤੇ ਹਾਲਾਤ ਜਿਉਂ ਦੇ ਤਿਉਂ ਹਨ। ਨਗਰ ਨਿਗਮ ਵਲੋਂ ਵਾਰ-ਵਾਰ ਸਰਵੇਖਣ ਕਰਵਾਏ ਗਏ, ਸੂਚੀਆਂ ਤਿਆਰ ਕੀਤੀਆਂ ਗਈਆਂ ਅਤੇ ਥਾਵਾਂ ਦੀ ਨਿਸ਼ਾਨਦੇਹੀ ਵੀ ਹੋਈ ਪਰ ਹੁਣ ਤੱਕ ਕਿਸੇ ਵੀ ਜ਼ੋਨ ਨੂੰ ਮੁਕੰਮਲ ਰੂਪ ਵਿਚ ਚਾਲੂ ਨਹੀਂ ਕੀਤਾ ਜਾ ਸਕਿਆ। ਦੁਕਾਨਦਾਰਾਂ ਅਤੇ ਰਾਹਗੀਰਾਂ ਦਾ ਕਹਿਣਾ ਹੈ ਕਿ ਮੁੱਖ ਬਾਜ਼ਾਰਾਂ ਵਿਚ ਸੜਕਾਂ ਦੇ ਦੋਵੇਂ ਪਾਸੇ ਰੇਹੜੀਆਂ ਖੜ੍ਹੀਆਂ ਰਹਿਣ ਕਾਰਨ ਆਵਾਜਾਈ ਠੱਪ ਹੋ ਜਾਂਦੀ ਹੈ। ਨਿਗਮ ਅਧਿਕਾਰੀਆਂ ਦਾ ਕਹਿਣਾ ਹੈ ਕਿ ਜਲਦੀ ਹੀ ਨਵੀਂ ਨੀਤੀ ਲਾਗੂ ਕੀਤੀ ਜਾਵੇਗੀ।

ਬੁੱਢੇ ਦਰਿਆ ਮਾਮਲੇ 'ਚ ਸੰਤ ਸੀਚੇਵਾਲ ਦੀ ਨਰਾਜ਼ਗੀ
ਪੰਜਾਬੀ ਸਭਾ ਦੀ ਲਾਪਰਵਾਹੀ ਤੇ ਸਮੂਹ ਇਤਰਾਜ਼

ਸੰਤ ਬਲਬੀਰ ਸਿੰਘ ਸੀਚੇਵਾਲ ਨੇ ਬੁੱਢੇ ਦਰਿਆ ਦੀ ਸਫ਼ਾਈ ਦੇ ਕੰਮ ਵਿਚ ਹੋ ਰਹੀ ਦੇਰੀ 'ਤੇ ਡੂੰਘੀ ਨਰਾਜ਼ਗੀ ਪ੍ਰਗਟ ਕੀਤੀ। ਉਨ੍ਹਾਂ ਕਿਹਾ ਕਿ ਜੇਕਰ ਅਧਿਕਾਰੀ ਗੰਭੀਰ ਨਾ ਹੋਏ ਤਾਂ ਸੰਘਰਸ਼ ਵਿੱਢਿਆ ਜਾਵੇਗਾ।

ਬੁੱਢੇ ਦਰਿਆ ਦਾ ਦੌਰਾ ਕਰਦੇ ਹੋਏ ਸੰਤ ਬਲਬੀਰ ਸਿੰਘ ਸੀਚੇਵਾਲ।
ਘਰ 'ਚ ਰਹਿ ਰਹਿਣ ਵਾਲੀ ਔਰਤ ਕੋਲੋਂ ਰੁਪੱਈ ਦੇ ਗਹਿਣੇ
ਅਤੇ ਨਕਦੀ ਚੋਰੀ ਕਰਕੇ ਫ਼ਰਾਰ, ਕੇਸ ਦਿਖਾਏ ਕੀਤਾ ਕਰਵਾ
ਸੋਨੂੰ ਵਿਰ੍ਹਾ ਭਲਾਵਾਂ ਕਰਨ
ਅਾਣ ਵਿਜਾਬਤੀ ਵੱਲ
ਨਰਸੰਗ ਪ੍ਰਵਾਸ ਕਰਾਏ ਗਏ

ਸੰਸਥਾ ਵਲੋਂ ਲਗਾਏ ਗਏ ਮੁਫ਼ਤ ਮੈਡੀਕਲ ਕੈਂਪ ਵਿਚ ਸੈਂਕੜੇ ਮਰੀਜ਼ਾਂ ਦੀ ਜਾਂਚ ਕੀਤੀ ਗਈ ਅਤੇ ਦਵਾਈਆਂ ਵੰਡੀਆਂ ਗਈਆਂ।

ਪੁਲਿਸ ਨੇ ਅਣਪਛਾਤੇ ਵਿਅਕਤੀਆਂ ਖ਼ਿਲਾਫ਼ ਮਾਮਲਾ ਦਰਜ ਕਰਕੇ ਜਾਂਚ ਸ਼ੁਰੂ ਕਰ ਦਿੱਤੀ ਹੈ।

ਸੰਤ ਬਲਬੀਰ ਸਿੰਘ ਸੀਚੇਵਾਲ ਨੇ ਬੁੱਢੇ ਦਰਿਆ ਦੀ ਸਫ਼ਾਈ ਦੇ ਕੰਮ ਵਿਚ ਹੋ ਰਹੀ ਦੇਰੀ 'ਤੇ ਡੂੰਘੀ ਨਰਾਜ਼ਗੀ ਪ੍ਰਗਟ ਕੀਤੀ। ਉਨ੍ਹਾਂ ਕਿਹਾ ਕਿ ਜੇਕਰ ਅਧਿਕਾਰੀ ਗੰਭੀਰ ਨਾ ਹੋਏ ਤਾਂ ਸੰਘਰਸ਼ ਵਿੱਢਿਆ ਜਾਵੇਗਾ।

ਦੋ ਸਾਥੀਆਂ ਨੇ ਨਾਲ
ਮਿਲ ਕੇ ਦਿੱਤਾ
ਵਾਰਦਾਤ ਨੂੰ ਅੰਜਾਮ

ਸੰਸਥਾ ਵਲੋਂ ਲਗਾਏ ਗਏ ਮੁਫ਼ਤ ਮੈਡੀਕਲ ਕੈਂਪ ਵਿਚ ਸੈਂਕੜੇ ਮਰੀਜ਼ਾਂ ਦੀ ਜਾਂਚ ਕੀਤੀ ਗਈ ਅਤੇ ਦਵਾਈਆਂ ਵੰਡੀਆਂ ਗਈਆਂ।

ਫ਼ਿਰੋਜ਼ਪੁਰ ਰੋਡ 'ਤੇ ਐਮ.ਬੀ.ਡੀ. ਮਾਲ ਕੋਲ
ਬੀ.ਐਮ ਡਬਲਯੂ. ਕਾਰ ਨੂੰ ਅਚਾਨਕ ਲੱਗੀ ਅੱਗ

ਫ਼ਿਰੋਜ਼ਪੁਰ ਰੋਡ 'ਤੇ ਜਾ ਰਹੀ ਇਕ ਲਗਜ਼ਰੀ ਕਾਰ ਨੂੰ ਅਚਾਨਕ ਅੱਗ ਲੱਗ ਗਈ। ਚਾਲਕ ਨੇ ਸਮੇਂ ਸਿਰ ਬਾਹਰ ਨਿਕਲ ਕੇ ਜਾਨ ਬਚਾਈ। ਫ਼ਾਇਰ ਬ੍ਰਿਗੇਡ ਨੇ ਅੱਗ 'ਤੇ ਕਾਬੂ ਪਾਇਆ।

ਫ਼ਿਰੋਜ਼ਪੁਰ ਰੋਡ 'ਤੇ ਜਾ ਰਹੀ ਇਕ ਲਗਜ਼ਰੀ ਕਾਰ ਨੂੰ ਅਚਾਨਕ ਅੱਗ ਲੱਗ ਗਈ। ਚਾਲਕ ਨੇ ਸਮੇਂ ਸਿਰ ਬਾਹਰ ਨਿਕਲ ਕੇ ਜਾਨ ਬਚਾਈ। ਫ਼ਾਇਰ ਬ੍ਰਿਗੇਡ ਨੇ ਅੱਗ 'ਤੇ ਕਾਬੂ ਪਾਇਆ।

ਤੇਜ਼ ਰਫ਼ਤਾਰ ਵਾਹਨ ਦੀ ਟੱਕਰ ਨਾਲ ਮੋਟਰਸਾਈਕਲ ਸਵਾਰ ਦੋ ਭਰਾਵਾਂ ਦੀ ਮੌਕੇ 'ਤੇ ਹੀ ਮੌਤ ਹੋ ਗਈ ਜਦਕਿ ਇਕ ਵਿਅਕਤੀ ਗੰਭੀਰ ਜ਼ਖ਼ਮੀ ਹੋ ਗਿਆ। ਪੁਲਿਸ ਨੇ ਮਾਮਲਾ ਦਰਜ ਕਰ ਲਿਆ ਹੈ।

ਲਾਲ ਸਮਾਚਾਰ
ਝਾਲ-ਝਾਲ ਬਚ

ਤੇਜ਼ ਰਫ਼ਤਾਰ ਵਾਹਨ ਦੀ ਟੱਕਰ ਨਾਲ ਮੋਟਰਸਾਈਕਲ ਸਵਾਰ ਦੋ ਭਰਾਵਾਂ ਦੀ ਮੌਕੇ 'ਤੇ ਹੀ ਮੌਤ ਹੋ ਗਈ ਜਦਕਿ ਇਕ ਵਿਅਕਤੀ ਗੰਭੀਰ ਜ਼ਖ਼ਮੀ ਹੋ ਗਿਆ। ਪੁਲਿਸ ਨੇ ਮਾਮਲਾ ਦਰਜ ਕਰ ਲਿਆ ਹੈ।

ਪੁਲਿਸ ਨੇ ਅਣਪਛਾਤੇ ਵਿਅਕਤੀਆਂ ਖ਼ਿਲਾਫ਼ ਮਾਮਲਾ ਦਰਜ ਕਰਕੇ ਜਾਂਚ ਸ਼ੁਰੂ ਕਰ ਦਿੱਤੀ ਹੈ।

ਸੜਕ ਹਾਦਸੇ 'ਚ ਦੋ ਭਰਾਵਾਂ
ਦੀ ਮੌਤ, ਇਕ ਜ਼ਖ਼ਮੀ

ਤੇਜ਼ ਰਫ਼ਤਾਰ ਵਾਹਨ ਦੀ ਟੱਕਰ ਨਾਲ ਮੋਟਰਸਾਈਕਲ ਸਵਾਰ ਦੋ ਭਰਾਵਾਂ ਦੀ ਮੌਕੇ 'ਤੇ ਹੀ ਮੌਤ ਹੋ ਗਈ ਜਦਕਿ ਇਕ ਵਿਅਕਤੀ ਗੰਭੀਰ ਜ਼ਖ਼ਮੀ ਹੋ ਗਿਆ। ਪੁਲਿਸ ਨੇ ਮਾਮਲਾ ਦਰਜ ਕਰ ਲਿਆ ਹੈ।

DAV COLLEGE, MALOUT, (Distt. Sri Muktsar Sahib), PUNJAB
GOVERNING BODY DAV COLLEGE, MALOUT (Distt. Sri Muktsar Sahib), PUNJAB
UNDER THE AEGIS OF DAV COLLEGE MANAGING COMMITTEE
CHOTU RAM CHOWK, DARYAGANJ, NEW DELHI-110002
Add. No. C/95/85-2026-01-19
Applications are invited for the posts of Principal / Assistant Professors on regular basis. Candidates should possess the qualifications prescribed by UGC / Punjab Govt. Applications along with attested copies of certificates and a demand draft must reach the office within 15 days of publication of this advertisement.
General Secretary
Governing Body
C M Y K	ਲੁਧਿਆਣਾ / 5
